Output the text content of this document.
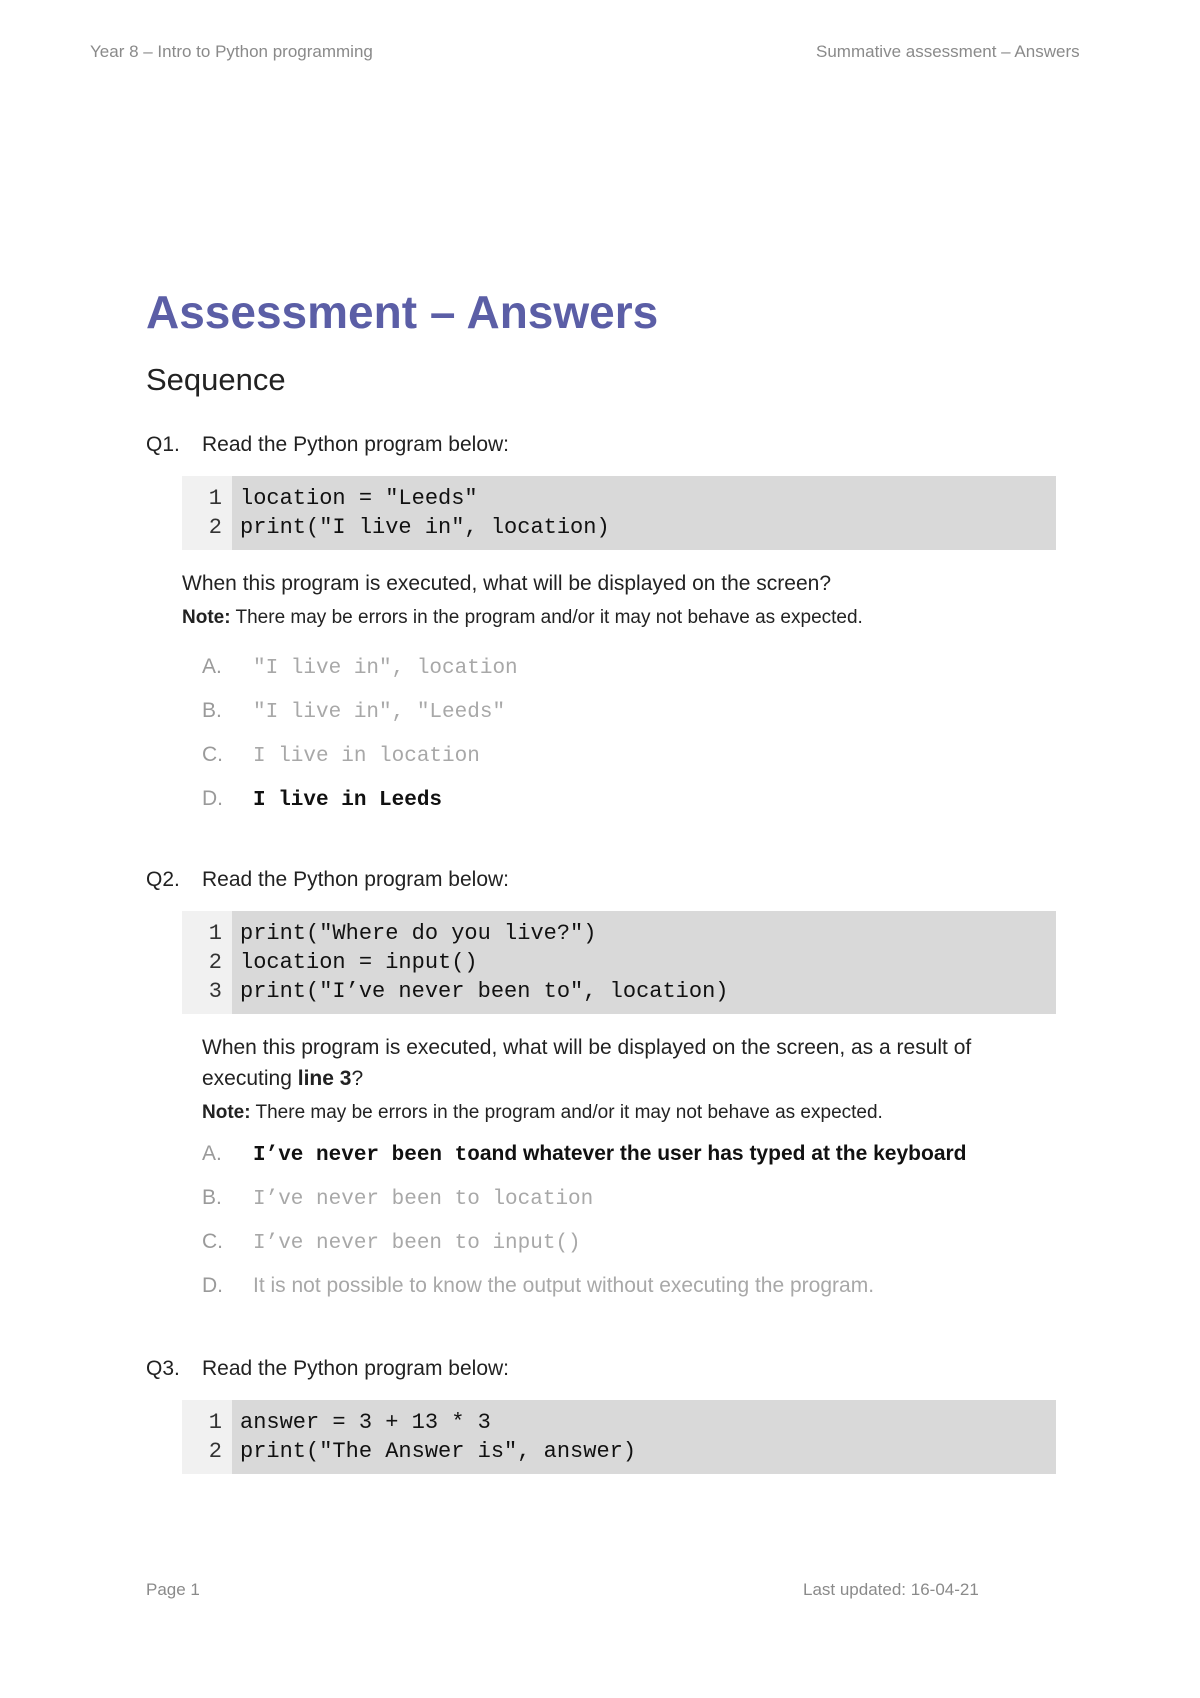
Year 8 – Intro to Python programming	Summative assessment – Answers
Assessment – Answers
Sequence
Q1.	Read the Python program below:
1
2
location = "Leeds"
print("I live in", location)
When this program is executed, what will be displayed on the screen?
Note: There may be errors in the program and/or it may not behave as expected.
A.	"I live in", location
B.	"I live in", "Leeds"
C.	I live in location
D.	I live in Leeds
Q2.	Read the Python program below:
1
2
3
print("Where do you live?")
location = input()
print("I’ve never been to", location)
When this program is executed, what will be displayed on the screen, as a result of executing line 3?
Note: There may be errors in the program and/or it may not behave as expected.
A.	I’ve never been to and whatever the user has typed at the keyboard
B.	I’ve never been to location
C.	I’ve never been to input()
D.	It is not possible to know the output without executing the program.
Q3.	Read the Python program below:
1
2
answer = 3 + 13 * 3
print("The Answer is", answer)
Page 1	Last updated: 16-04-21
